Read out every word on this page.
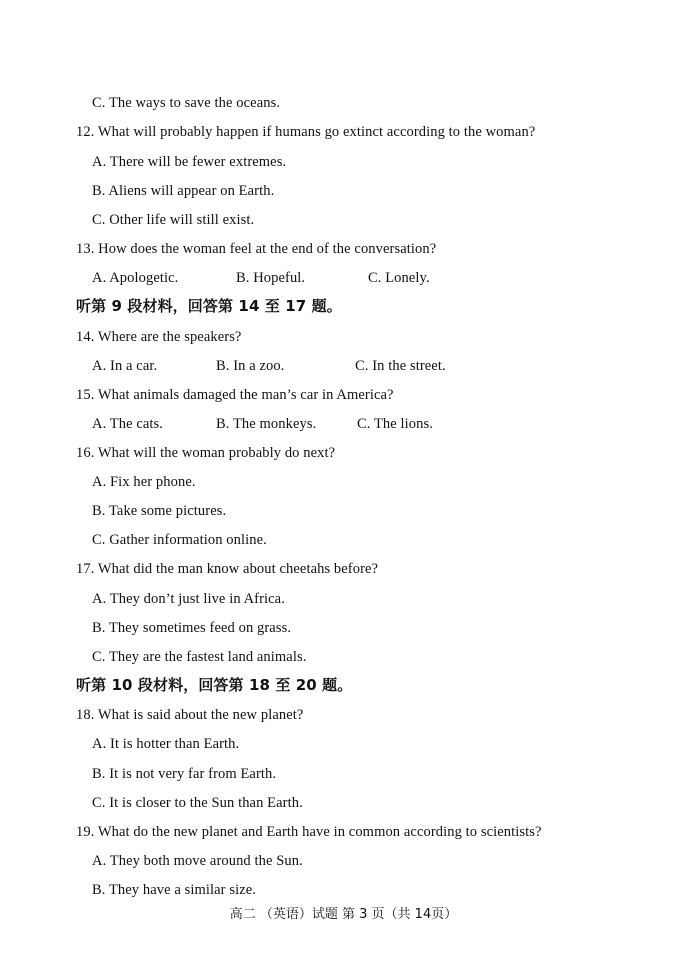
C. The ways to save the oceans.
12. What will probably happen if humans go extinct according to the woman?
A. There will be fewer extremes.
B. Aliens will appear on Earth.
C. Other life will still exist.
13. How does the woman feel at the end of the conversation?
A. Apologetic.	B. Hopeful.	C. Lonely.
听第 9 段材料，回答第 14 至 17 题。
14. Where are the speakers?
A. In a car.	B. In a zoo.	C. In the street.
15. What animals damaged the man’s car in America?
A. The cats.	B. The monkeys.	C. The lions.
16. What will the woman probably do next?
A. Fix her phone.
B. Take some pictures.
C. Gather information online.
17. What did the man know about cheetahs before?
A. They don’t just live in Africa.
B. They sometimes feed on grass.
C. They are the fastest land animals.
听第 10 段材料，回答第 18 至 20 题。
18. What is said about the new planet?
A. It is hotter than Earth.
B. It is not very far from Earth.
C. It is closer to the Sun than Earth.
19. What do the new planet and Earth have in common according to scientists?
A. They both move around the Sun.
B. They have a similar size.
高二 （英语）试题 第 3 页（共 14页）
